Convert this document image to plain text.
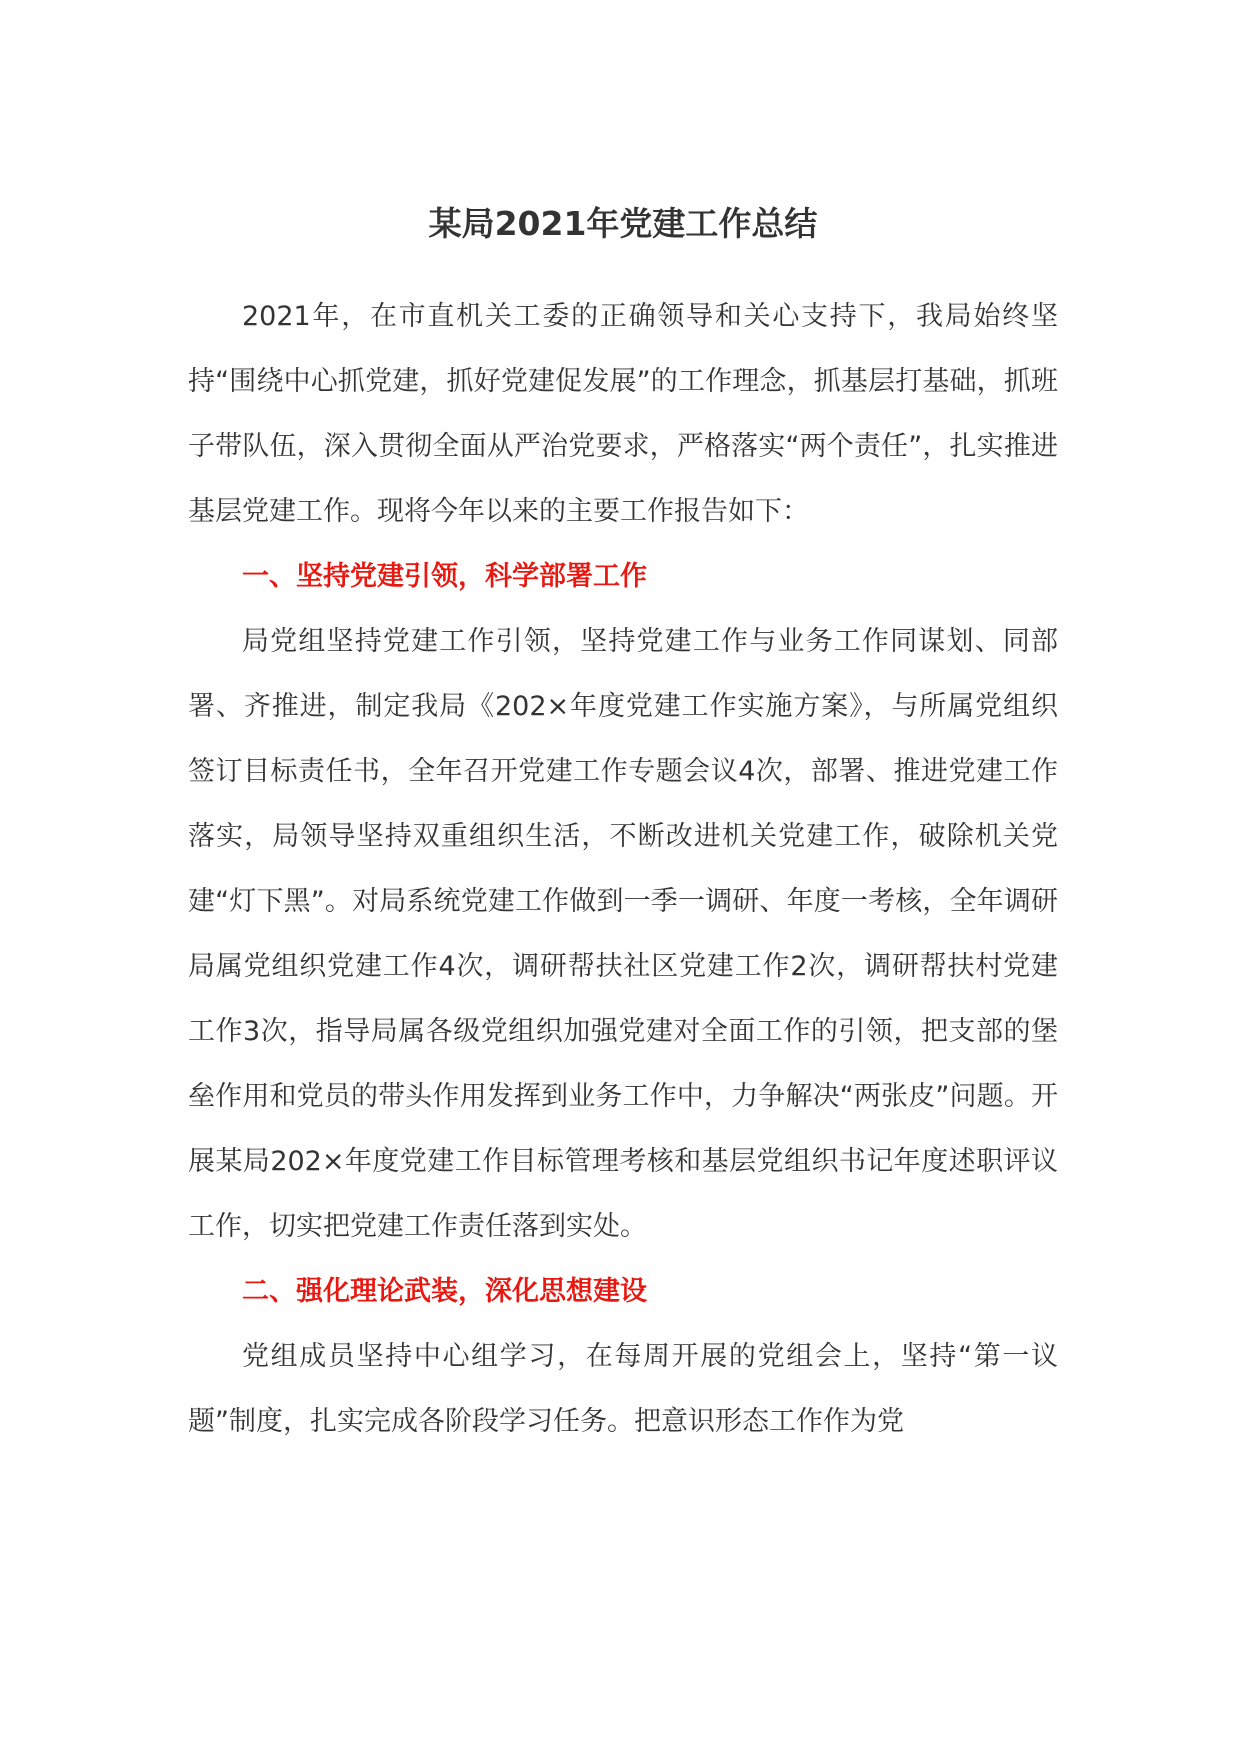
某局2021年党建工作总结

2021年，在市直机关工委的正确领导和关心支持下，我局始终坚持“围绕中心抓党建，抓好党建促发展”的工作理念，抓基层打基础，抓班子带队伍，深入贯彻全面从严治党要求，严格落实“两个责任”，扎实推进基层党建工作。现将今年以来的主要工作报告如下：

一、坚持党建引领，科学部署工作

局党组坚持党建工作引领，坚持党建工作与业务工作同谋划、同部署、齐推进，制定我局《202×年度党建工作实施方案》，与所属党组织签订目标责任书，全年召开党建工作专题会议4次，部署、推进党建工作落实，局领导坚持双重组织生活，不断改进机关党建工作，破除机关党建“灯下黑”。对局系统党建工作做到一季一调研、年度一考核，全年调研局属党组织党建工作4次，调研帮扶社区党建工作2次，调研帮扶村党建工作3次，指导局属各级党组织加强党建对全面工作的引领，把支部的堡垒作用和党员的带头作用发挥到业务工作中，力争解决“两张皮”问题。开展某局202×年度党建工作目标管理考核和基层党组织书记年度述职评议工作，切实把党建工作责任落到实处。

二、强化理论武装，深化思想建设

党组成员坚持中心组学习，在每周开展的党组会上，坚持“第一议题”制度，扎实完成各阶段学习任务。把意识形态工作作为党
